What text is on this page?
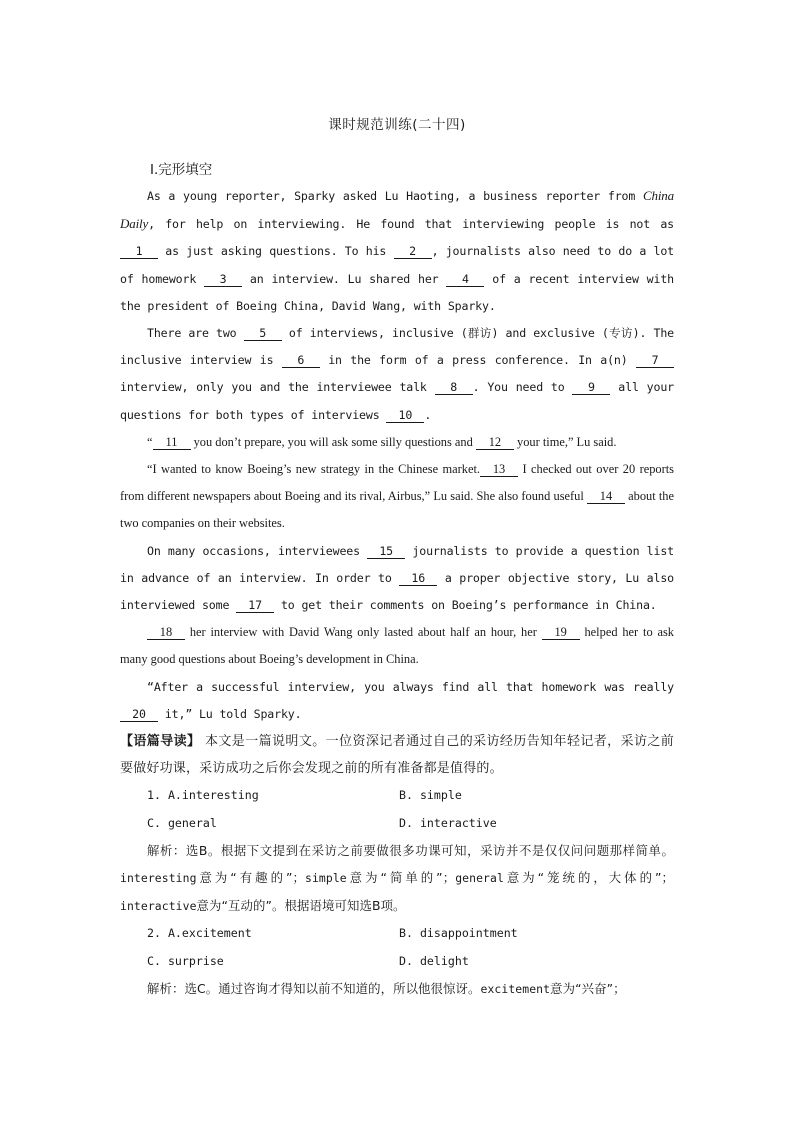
课时规范训练(二十四)
Ⅰ.完形填空

As a young reporter, Sparky asked Lu Haoting, a business reporter from China Daily, for help on interviewing. He found that interviewing people is not as 1 as just asking questions. To his 2 , journalists also need to do a lot of homework 3 an interview. Lu shared her 4 of a recent interview with the president of Boeing China, David Wang, with Sparky.

There are two 5 of interviews, inclusive (群访) and exclusive (专访). The inclusive interview is 6 in the form of a press conference. In a(n) 7 interview, only you and the interviewee talk 8 . You need to 9 all your questions for both types of interviews 10 .

“ 11 you don’t prepare, you will ask some silly questions and 12 your time,” Lu said.

“I wanted to know Boeing’s new strategy in the Chinese market. 13 I checked out over 20 reports from different newspapers about Boeing and its rival, Airbus,” Lu said. She also found useful 14 about the two companies on their websites.

On many occasions, interviewees 15 journalists to provide a question list in advance of an interview. In order to 16 a proper objective story, Lu also interviewed some 17 to get their comments on Boeing’s performance in China.

18 her interview with David Wang only lasted about half an hour, her 19 helped her to ask many good questions about Boeing’s development in China.

“After a successful interview, you always find all that homework was really 20 it,” Lu told Sparky.

【语篇导读】 本文是一篇说明文。一位资深记者通过自己的采访经历告知年轻记者，采访之前要做好功课，采访成功之后你会发现之前的所有准备都是值得的。

1. A.interesting	B. simple
C. general	D. interactive

解析：选B。根据下文提到在采访之前要做很多功课可知，采访并不是仅仅问问题那样简单。interesting意为“有趣的”；simple意为“简单的”；general意为“笼统的，大体的”；interactive意为“互动的”。根据语境可知选B项。

2. A.excitement	B. disappointment
C. surprise	D. delight

解析：选C。通过咨询才得知以前不知道的，所以他很惊讶。excitement意为“兴奋”；
